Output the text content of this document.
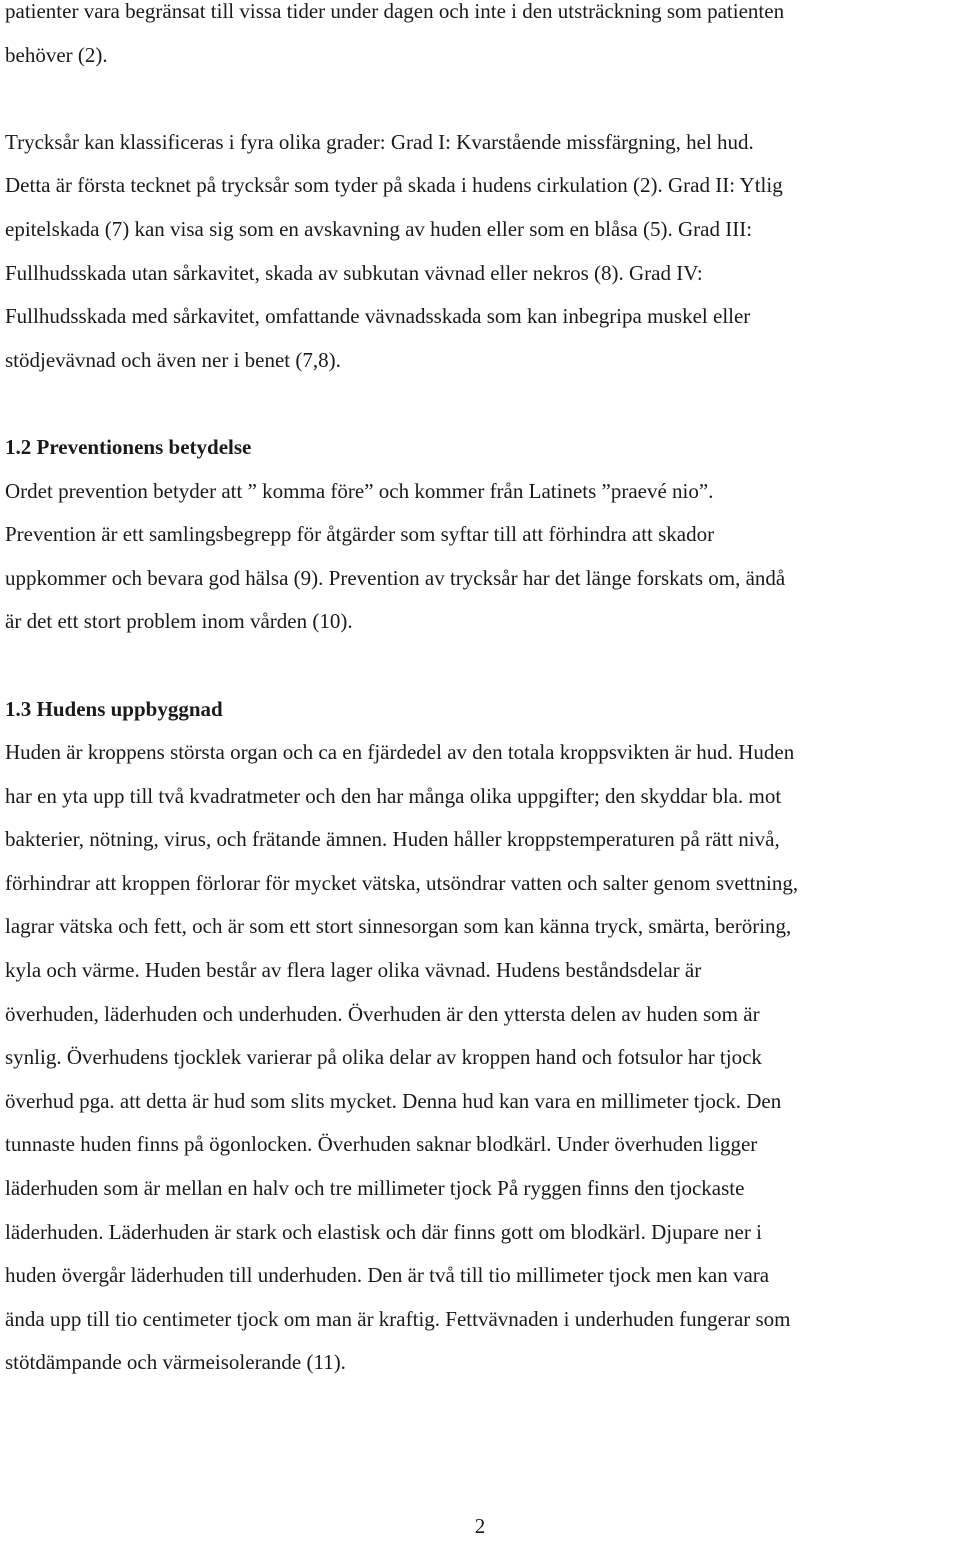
patienter vara begränsat till vissa tider under dagen och inte i den utsträckning som patienten
behöver (2).
Trycksår kan klassificeras i fyra olika grader: Grad I: Kvarstående missfärgning, hel hud.
Detta är första tecknet på trycksår som tyder på skada i hudens cirkulation (2). Grad II: Ytlig
epitelskada (7) kan visa sig som en avskavning av huden eller som en blåsa (5). Grad III:
Fullhudsskada utan sårkavitet, skada av subkutan vävnad eller nekros (8). Grad IV:
Fullhudsskada med sårkavitet, omfattande vävnadsskada som kan inbegripa muskel eller
stödjevävnad och även ner i benet (7,8).
1.2 Preventionens betydelse
Ordet prevention betyder att ” komma före” och kommer från Latinets ”praevé nio”.
Prevention är ett samlingsbegrepp för åtgärder som syftar till att förhindra att skador
uppkommer och bevara god hälsa (9). Prevention av trycksår har det länge forskats om, ändå
är det ett stort problem inom vården (10).
1.3 Hudens uppbyggnad
Huden är kroppens största organ och ca en fjärdedel av den totala kroppsvikten är hud. Huden
har en yta upp till två kvadratmeter och den har många olika uppgifter; den skyddar bla. mot
bakterier, nötning, virus, och frätande ämnen. Huden håller kroppstemperaturen på rätt nivå,
förhindrar att kroppen förlorar för mycket vätska, utsöndrar vatten och salter genom svettning,
lagrar vätska och fett, och är som ett stort sinnesorgan som kan känna tryck, smärta, beröring,
kyla och värme. Huden består av flera lager olika vävnad. Hudens beståndsdelar är
överhuden, läderhuden och underhuden. Överhuden är den yttersta delen av huden som är
synlig. Överhudens tjocklek varierar på olika delar av kroppen hand och fotsulor har tjock
överhud pga. att detta är hud som slits mycket. Denna hud kan vara en millimeter tjock. Den
tunnaste huden finns på ögonlocken. Överhuden saknar blodkärl. Under överhuden ligger
läderhuden som är mellan en halv och tre millimeter tjock På ryggen finns den tjockaste
läderhuden. Läderhuden är stark och elastisk och där finns gott om blodkärl. Djupare ner i
huden övergår läderhuden till underhuden. Den är två till tio millimeter tjock men kan vara
ända upp till tio centimeter tjock om man är kraftig. Fettvävnaden i underhuden fungerar som
stötdämpande och värmeisolerande (11).
2
